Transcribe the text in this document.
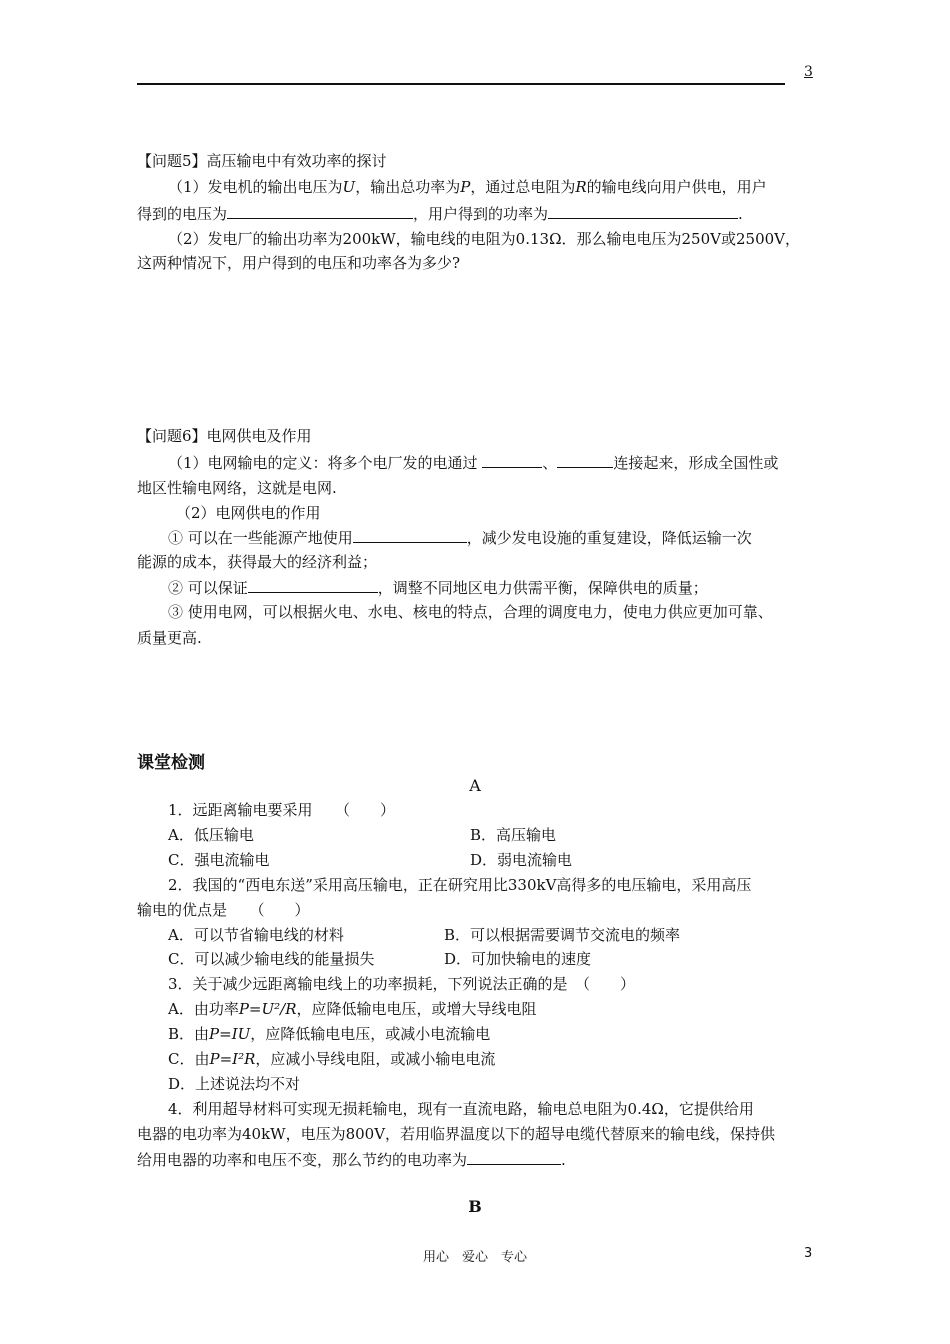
3
【问题5】高压输电中有效功率的探讨
（1）发电机的输出电压为U，输出总功率为P，通过总电阻为R的输电线向用户供电，用户
得到的电压为	，用户得到的功率为	.
（2）发电厂的输出功率为200kW，输电线的电阻为0.13Ω．那么输电电压为250V或2500V，
这两种情况下，用户得到的电压和功率各为多少?
【问题6】电网供电及作用
（1）电网输电的定义：将多个电厂发的电通过	、	连接起来，形成全国性或
地区性输电网络，这就是电网.
（2）电网供电的作用
① 可以在一些能源产地使用	，减少发电设施的重复建设，降低运输一次
能源的成本，获得最大的经济利益；
② 可以保证	，调整不同地区电力供需平衡，保障供电的质量；
③ 使用电网，可以根据火电、水电、核电的特点，合理的调度电力，使电力供应更加可靠、
质量更高.
课堂检测
A
1．远距离输电要采用　　（　　）
A．低压输电	B．高压输电
C．强电流输电	D．弱电流输电
2．我国的“西电东送”采用高压输电，正在研究用比330kV高得多的电压输电，采用高压
输电的优点是　　（　　）
A．可以节省输电线的材料	B．可以根据需要调节交流电的频率
C．可以减少输电线的能量损失	D．可加快输电的速度
3．关于减少远距离输电线上的功率损耗，下列说法正确的是　（　　）
A．由功率P=U²/R，应降低输电电压，或增大导线电阻
B．由P=IU，应降低输电电压，或减小电流输电
C．由P=I²R，应减小导线电阻，或减小输电电流
D．上述说法均不对
4．利用超导材料可实现无损耗输电，现有一直流电路，输电总电阻为0.4Ω，它提供给用
电器的电功率为40kW，电压为800V，若用临界温度以下的超导电缆代替原来的输电线，保持供
给用电器的功率和电压不变，那么节约的电功率为	.
B
用心　爱心　专心	3
